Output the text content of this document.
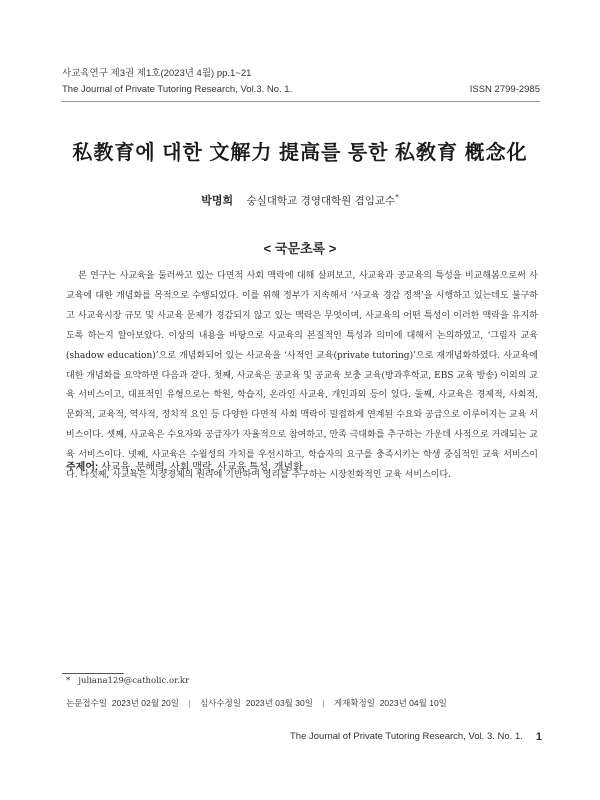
사교육연구 제3권 제1호(2023년 4월) pp.1~21
The Journal of Private Tutoring Research, Vol.3. No. 1.	ISSN 2799-2985
私教育에 대한 文解力 提高를 통한 私敎育 槪念化
박명희 숭실대학교 경영대학원 겸임교수*
< 국문초록 >

본 연구는 사교육을 둘러싸고 있는 다면적 사회 맥락에 대해 살펴보고, 사교육과 공교육의 특성을 비교해봄으로써 사교육에 대한 개념화를 목적으로 수행되었다. 이를 위해 정부가 지속해서 ‘사교육 경감 정책’을 시행하고 있는데도 불구하고 사교육시장 규모 및 사교육 문제가 경감되지 않고 있는 맥락은 무엇이며, 사교육의 어떤 특성이 이러한 맥락을 유지하도록 하는지 알아보았다. 이상의 내용을 바탕으로 사교육의 본질적인 특성과 의미에 대해서 논의하였고, ‘그림자 교육(shadow education)’으로 개념화되어 있는 사교육을 ‘사적인 교육(private tutoring)’으로 재개념화하였다. 사교육에 대한 개념화를 요약하면 다음과 같다. 첫째, 사교육은 공교육 및 공교육 보충 교육(방과후학교, EBS 교육 방송) 이외의 교육 서비스이고, 대표적인 유형으로는 학원, 학습지, 온라인 사교육, 개인과외 등이 있다. 둘째, 사교육은 경제적, 사회적, 문화적, 교육적, 역사적, 정치적 요인 등 다양한 다면적 사회 맥락이 밀접하게 연계된 수요와 공급으로 이루어지는 교육 서비스이다. 셋째, 사교육은 수요자와 공급자가 자율적으로 참여하고, 만족 극대화를 추구하는 가운데 사적으로 거래되는 교육 서비스이다. 넷째, 사교육은 수월성의 가치를 우선시하고, 학습자의 요구를 충족시키는 학생 중심적인 교육 서비스이다. 다섯째, 사교육은 시장경제의 원리에 기반하여 영리를 추구하는 시장친화적인 교육 서비스이다.

주제어: 사교육, 문해력, 사회 맥락, 사교육 특성, 개념화
* juliana129@catholic.or.kr
논문접수일 2023년 02월 20일 | 심사수정일 2023년 03월 30일 | 게재확정일 2023년 04월 10일
The Journal of Private Tutoring Research, Vol. 3. No. 1. 1
